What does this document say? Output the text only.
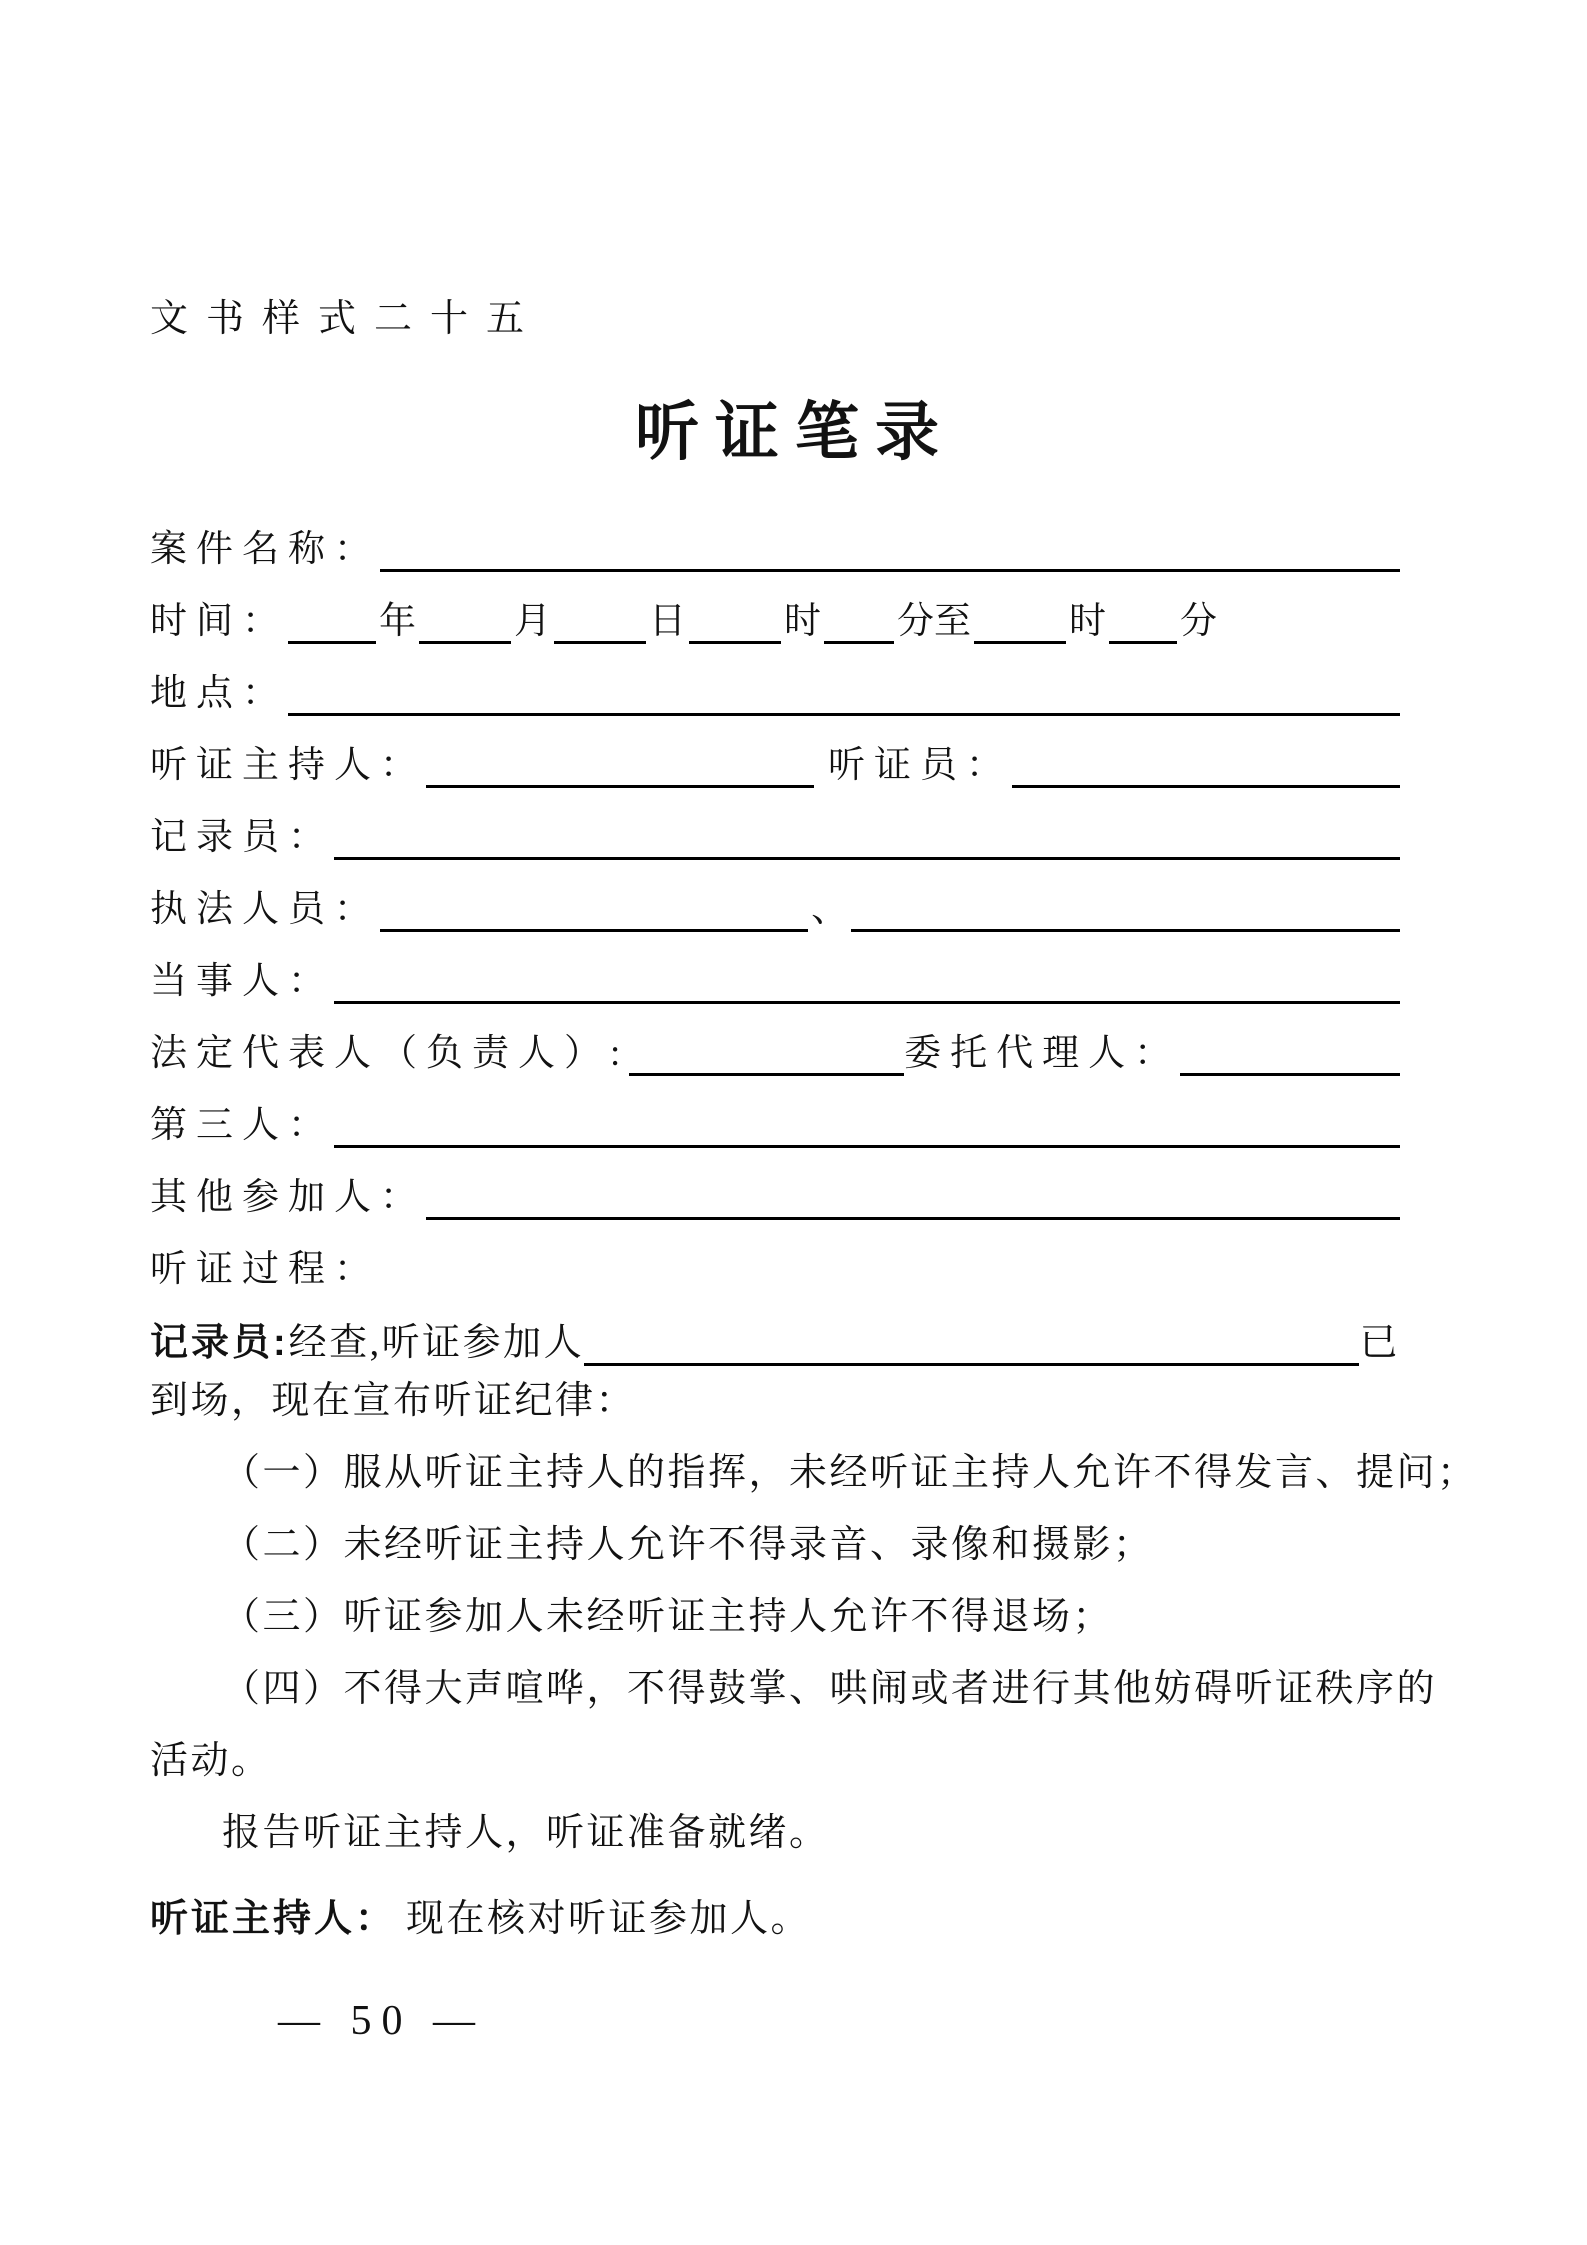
文书样式二十五
听证笔录
案件名称：
时间： 年	月	日	时 分至	时 分
地点：
听证主持人：	听证员：
记录员：
执法人员：	、
当事人：
法定代表人（负责人）:	委托代理人：
第三人：
其他参加人：
听证过程：
记录员: 经查,听证参加人	已
到场，现在宣布听证纪律：
（一）服从听证主持人的指挥，未经听证主持人允许不得发言、提问；
（二）未经听证主持人允许不得录音、录像和摄影；
（三）听证参加人未经听证主持人允许不得退场；
（四）不得大声喧哗，不得鼓掌、哄闹或者进行其他妨碍听证秩序的
活动。
报告听证主持人，听证准备就绪。
听证主持人： 现在核对听证参加人。
— 50 —
